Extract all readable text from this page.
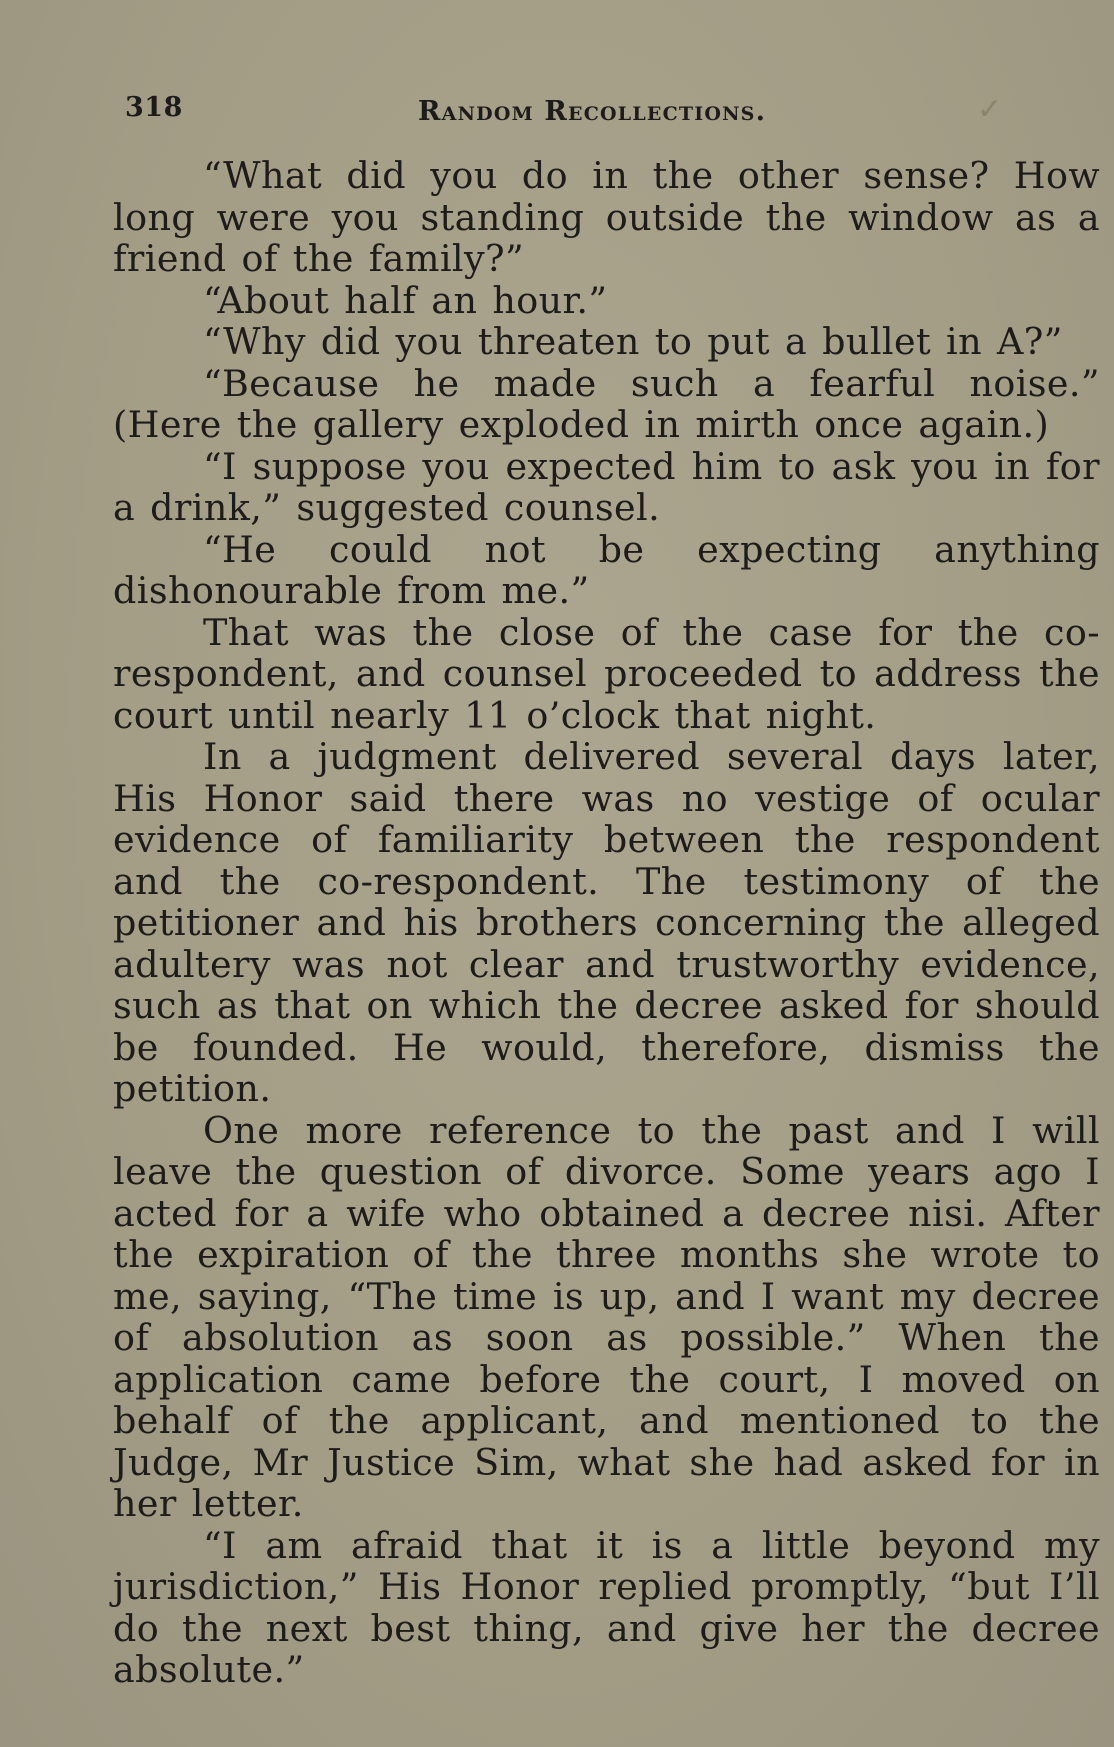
318	Random Recollections.	✓

“What did you do in the other sense? How long were you standing outside the window as a friend of the family?”

“About half an hour.”

“Why did you threaten to put a bullet in A?”

“Because he made such a fearful noise.” (Here the gallery exploded in mirth once again.)

“I suppose you expected him to ask you in for a drink,” suggested counsel.

“He could not be expecting anything dishonourable from me.”

That was the close of the case for the co-respondent, and counsel proceeded to address the court until nearly 11 o’clock that night.

In a judgment delivered several days later, His Honor said there was no vestige of ocular evidence of familiarity between the respondent and the co-respondent. The testimony of the petitioner and his brothers concerning the alleged adultery was not clear and trustworthy evidence, such as that on which the decree asked for should be founded. He would, therefore, dismiss the petition.

One more reference to the past and I will leave the question of divorce. Some years ago I acted for a wife who obtained a decree nisi. After the expiration of the three months she wrote to me, saying, “The time is up, and I want my decree of absolution as soon as possible.” When the application came before the court, I moved on behalf of the applicant, and mentioned to the Judge, Mr Justice Sim, what she had asked for in her letter.

“I am afraid that it is a little beyond my jurisdiction,” His Honor replied promptly, “but I’ll do the next best thing, and give her the decree absolute.”
